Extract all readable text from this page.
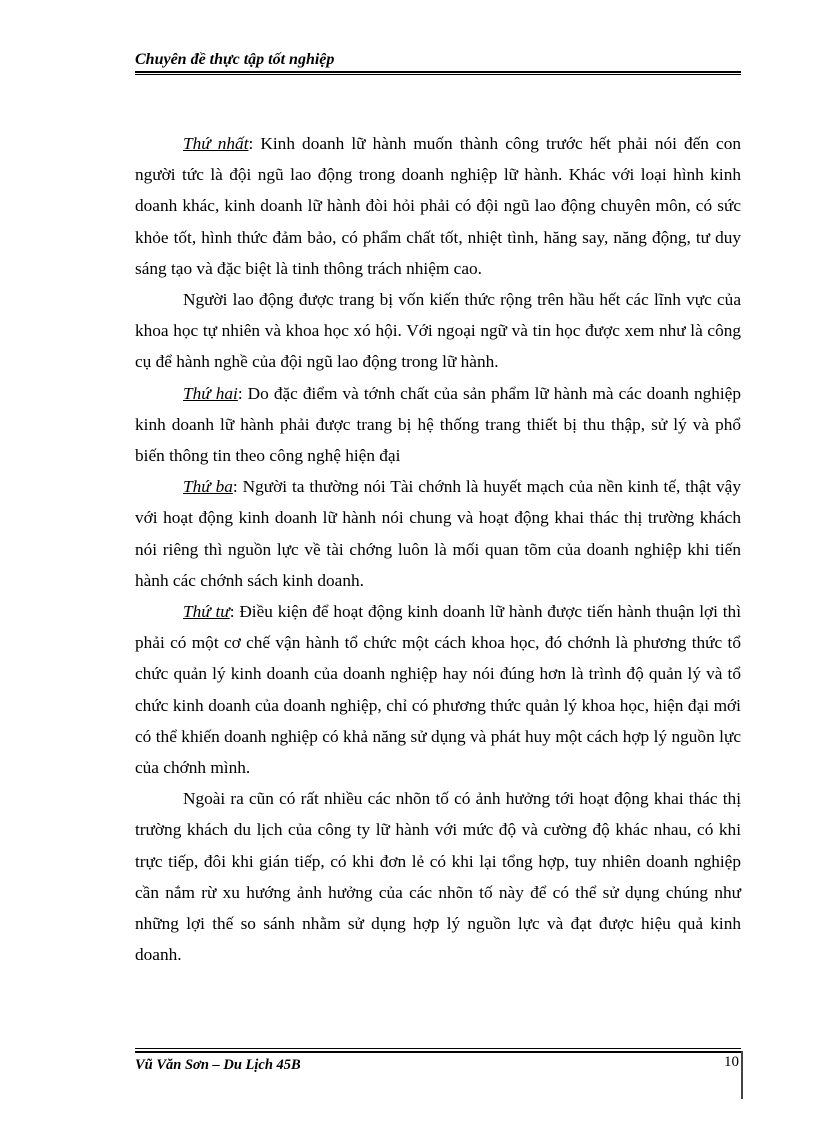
Chuyên đề thực tập tốt nghiệp

Thứ nhất: Kinh doanh lữ hành muốn thành công trước hết phải nói đến con người tức là đội ngũ lao động trong doanh nghiệp lữ hành. Khác với loại hình kinh doanh khác, kinh doanh lữ hành đòi hỏi phải có đội ngũ lao động chuyên môn, có sức khỏe tốt, hình thức đảm bảo, có phẩm chất tốt, nhiệt tình, hăng say, năng động, tư duy sáng tạo và đặc biệt là tinh thông trách nhiệm cao.

Người lao động được trang bị vốn kiến thức rộng trên hầu hết các lĩnh vực của khoa học tự nhiên và khoa học xó hội. Với ngoại ngữ và tin học được xem như là công cụ để hành nghề của đội ngũ lao động trong lữ hành.

Thứ hai: Do đặc điểm và tớnh chất của sản phẩm lữ hành mà các doanh nghiệp kinh doanh lữ hành phải được trang bị hệ thống trang thiết bị thu thập, sử lý và phổ biến thông tin theo công nghệ hiện đại

Thứ ba: Người ta thường nói Tài chớnh là huyết mạch của nền kinh tế, thật vậy với hoạt động kinh doanh lữ hành nói chung và hoạt động khai thác thị trường khách nói riêng thì nguồn lực về tài chớng luôn là mối quan tõm của doanh nghiệp khi tiến hành các chớnh sách kinh doanh.

Thứ tư: Điều kiện để hoạt động kinh doanh lữ hành được tiến hành thuận lợi thì phải có một cơ chế vận hành tổ chức một cách khoa học, đó chớnh là phương thức tổ chức quản lý kinh doanh của doanh nghiệp hay nói đúng hơn là trình độ quản lý và tổ chức kinh doanh của doanh nghiệp, chỉ có phương thức quản lý khoa học, hiện đại mới có thể khiến doanh nghiệp có khả năng sử dụng và phát huy một cách hợp lý nguồn lực của chớnh mình.

Ngoài ra cũn có rất nhiều các nhõn tố có ảnh hưởng tới hoạt động khai thác thị trường khách du lịch của công ty lữ hành với mức độ và cường độ khác nhau, có khi trực tiếp, đôi khi gián tiếp, có khi đơn lẻ có khi lại tổng hợp, tuy nhiên doanh nghiệp cần nắm rừ xu hướng ảnh hưởng của các nhõn tố này để có thể sử dụng chúng như những lợi thế so sánh nhằm sử dụng hợp lý nguồn lực và đạt được hiệu quả kinh doanh.

Vũ Văn Sơn – Du Lịch 45B	10
